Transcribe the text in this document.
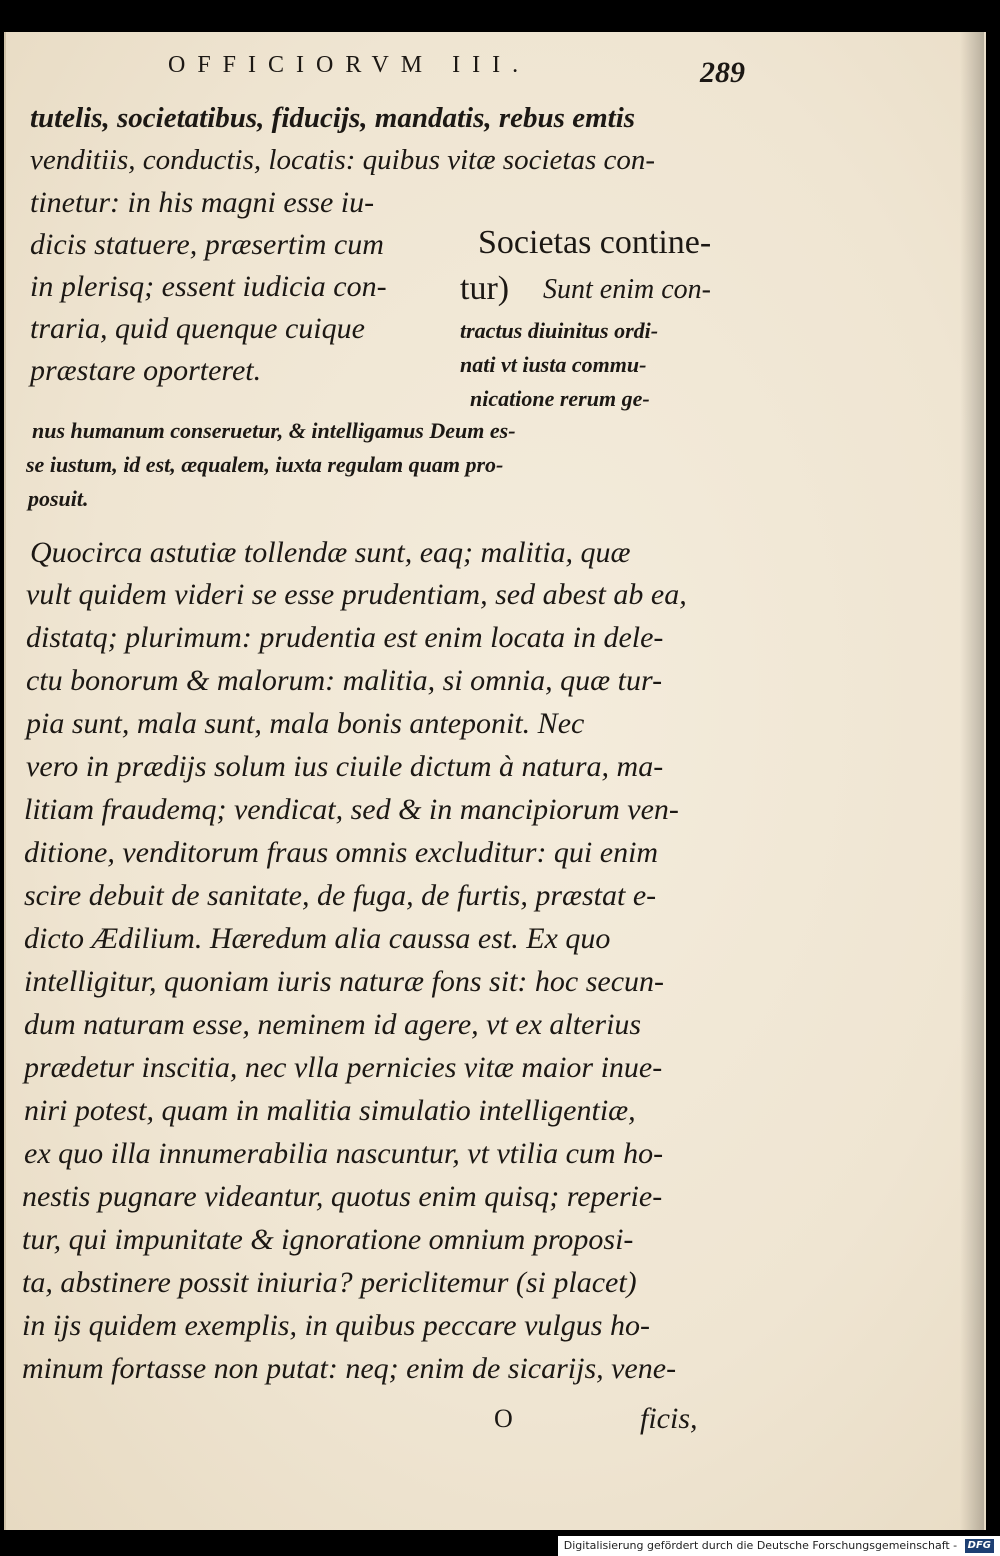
OFFICIORVM III.	289
tutelis, societatibus, fiducijs, mandatis, rebus emtis
venditiis, conductis, locatis: quibus vitæ societas con-
tinetur: in his magni esse iu-
dicis statuere, præsertim cum
in plerisq; essent iudicia con-
traria, quid quenque cuique
præstare oporteret.
Societas contine-
tur) Sunt enim con-
tractus diuinitus ordi-
nati vt iusta commu-
nicatione rerum ge-
nus humanum conseruetur, & intelligamus Deum es-
se iustum, id est, æqualem, iuxta regulam quam pro-
posuit.
Quocirca astutiæ tollendæ sunt, eaq; malitia, quæ
vult quidem videri se esse prudentiam, sed abest ab ea,
distatq; plurimum: prudentia est enim locata in dele-
ctu bonorum & malorum: malitia, si omnia, quæ tur-
pia sunt, mala sunt, mala bonis anteponit. Nec
vero in prædijs solum ius ciuile dictum à natura, ma-
litiam fraudemq; vendicat, sed & in mancipiorum ven-
ditione, venditorum fraus omnis excluditur: qui enim
scire debuit de sanitate, de fuga, de furtis, præstat e-
dicto Ædilium. Hæredum alia caussa est. Ex quo
intelligitur, quoniam iuris naturæ fons sit: hoc secun-
dum naturam esse, neminem id agere, vt ex alterius
prædetur inscitia, nec vlla pernicies vitæ maior inue-
niri potest, quam in malitia simulatio intelligentiæ,
ex quo illa innumerabilia nascuntur, vt vtilia cum ho-
nestis pugnare videantur, quotus enim quisq; reperie-
tur, qui impunitate & ignoratione omnium proposi-
ta, abstinere possit iniuria? periclitemur (si placet)
in ijs quidem exemplis, in quibus peccare vulgus ho-
minum fortasse non putat: neq; enim de sicarijs, vene-
O	ficis,
Digitalisierung gefördert durch die Deutsche Forschungsgemeinschaft - DFG
